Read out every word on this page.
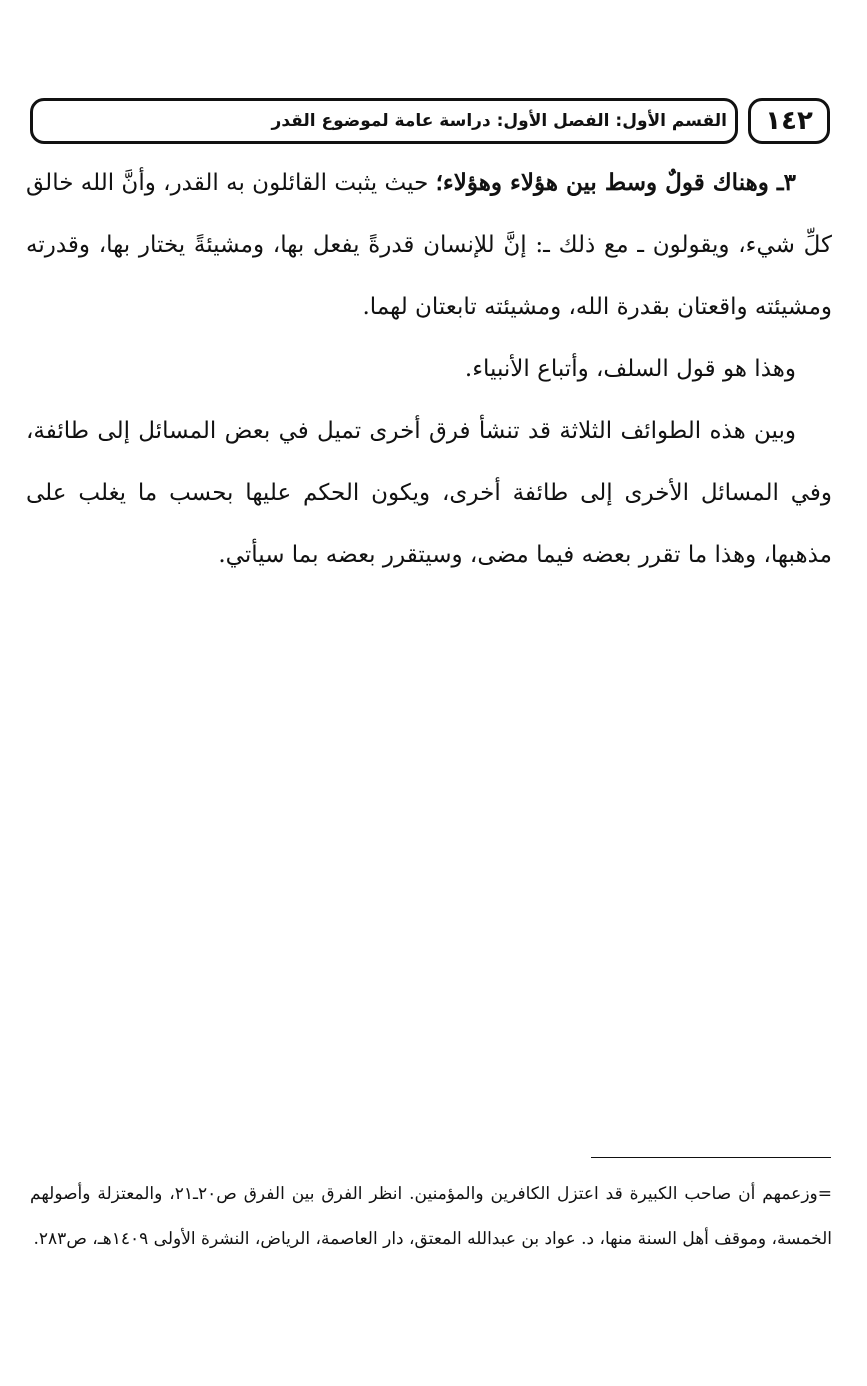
١٤٢
القسم الأول: الفصل الأول: دراسة عامة لموضوع القدر

٣ـ وهناك قولٌ وسط بين هؤلاء وهؤلاء؛ حيث يثبت القائلون به القدر، وأنَّ الله خالق كلِّ شيء، ويقولون ـ مع ذلك ـ: إنَّ للإنسان قدرةً يفعل بها، ومشيئةً يختار بها، وقدرته ومشيئته واقعتان بقدرة الله، ومشيئته تابعتان لهما.

وهذا هو قول السلف، وأتباع الأنبياء.

وبين هذه الطوائف الثلاثة قد تنشأ فرق أخرى تميل في بعض المسائل إلى طائفة، وفي المسائل الأخرى إلى طائفة أخرى، ويكون الحكم عليها بحسب ما يغلب على مذهبها، وهذا ما تقرر بعضه فيما مضى، وسيتقرر بعضه بما سيأتي.

=وزعمهم أن صاحب الكبيرة قد اعتزل الكافرين والمؤمنين. انظر الفرق بين الفرق ص٢٠ـ٢١، والمعتزلة وأصولهم الخمسة، وموقف أهل السنة منها، د. عواد بن عبدالله المعتق، دار العاصمة، الرياض، النشرة الأولى ١٤٠٩هـ، ص٢٨٣.
